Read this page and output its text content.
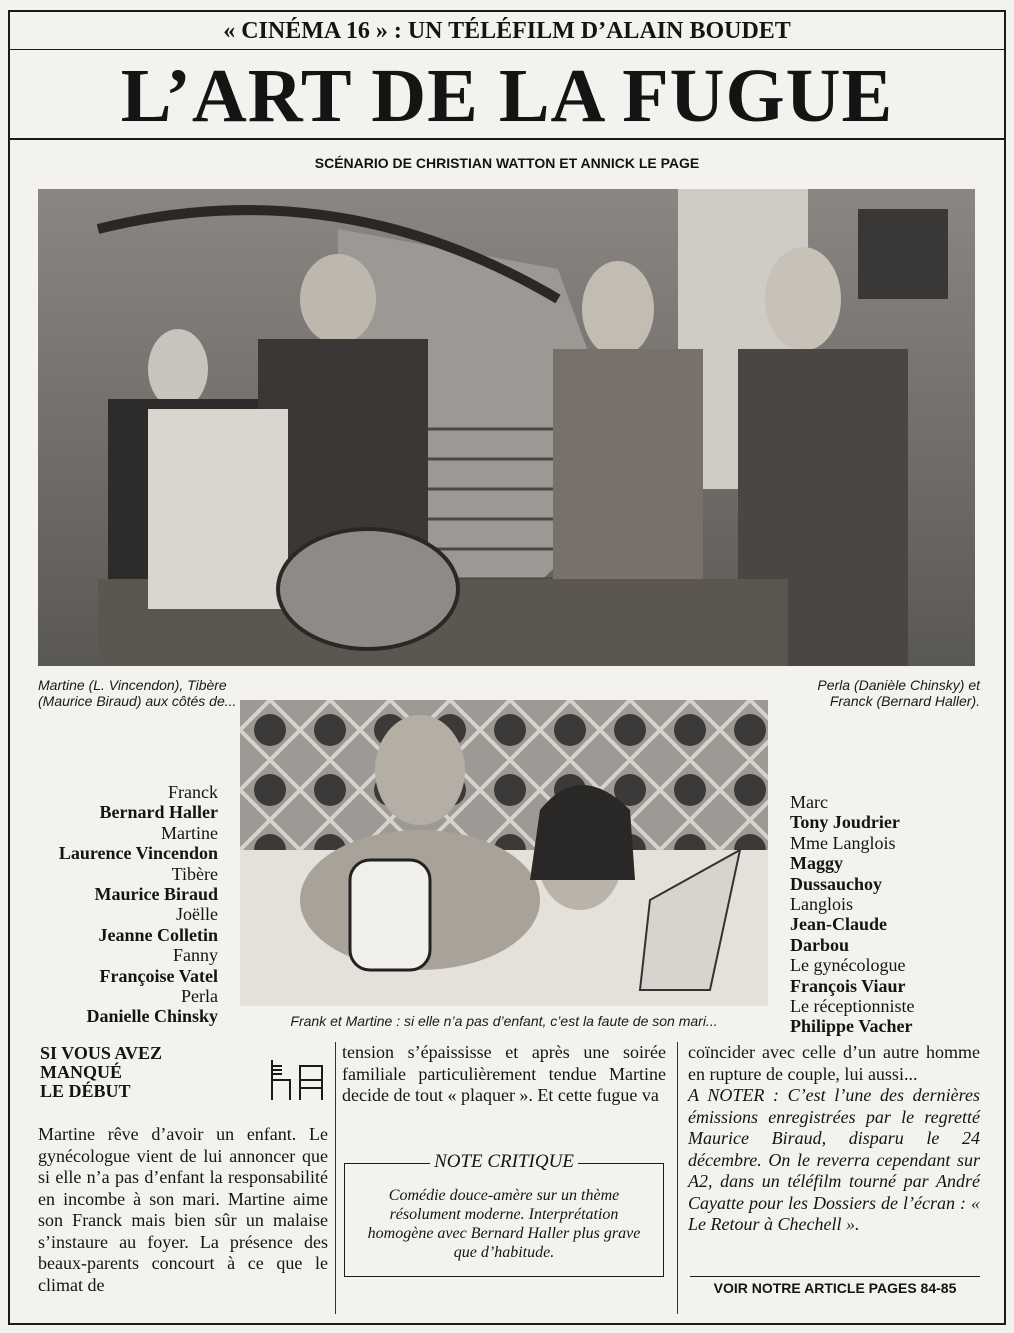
« CINÉMA 16 » : UN TÉLÉFILM D’ALAIN BOUDET
L’ART DE LA FUGUE
SCÉNARIO DE CHRISTIAN WATTON ET ANNICK LE PAGE
Martine (L. Vincendon), Tibère (Maurice Biraud) aux côtés de...
Perla (Danièle Chinsky) et Franck (Bernard Haller).
Frank et Martine : si elle n’a pas d’enfant, c’est la faute de son mari...
Franck
Bernard Haller
Martine
Laurence Vincendon
Tibère
Maurice Biraud
Joëlle
Jeanne Colletin
Fanny
Françoise Vatel
Perla
Danielle Chinsky
Marc
Tony Joudrier
Mme Langlois
Maggy
Dussauchoy
Langlois
Jean-Claude
Darbou
Le gynécologue
François Viaur
Le réceptionniste
Philippe Vacher
SI VOUS AVEZ
MANQUÉ
LE DÉBUT
Martine rêve d’avoir un enfant. Le gynécologue vient de lui annoncer que si elle n’a pas d’enfant la responsabilité en incombe à son mari. Martine aime son Franck mais bien sûr un malaise s’instaure au foyer. La présence des beaux-parents concourt à ce que le climat de
tension s’épaississe et après une soirée familiale particulièrement tendue Martine decide de tout « plaquer ». Et cette fugue va
coïncider avec celle d’un autre homme en rupture de couple, lui aussi...
A NOTER : C’est l’une des dernières émissions enregistrées par le regretté Maurice Biraud, disparu le 24 décembre. On le reverra cependant sur A2, dans un téléfilm tourné par André Cayatte pour les Dossiers de l’écran : « Le Retour à Chechell ».
NOTE CRITIQUE
Comédie douce-amère sur un thème résolument moderne. Interprétation homogène avec Bernard Haller plus grave que d’habitude.
VOIR NOTRE ARTICLE PAGES 84-85
